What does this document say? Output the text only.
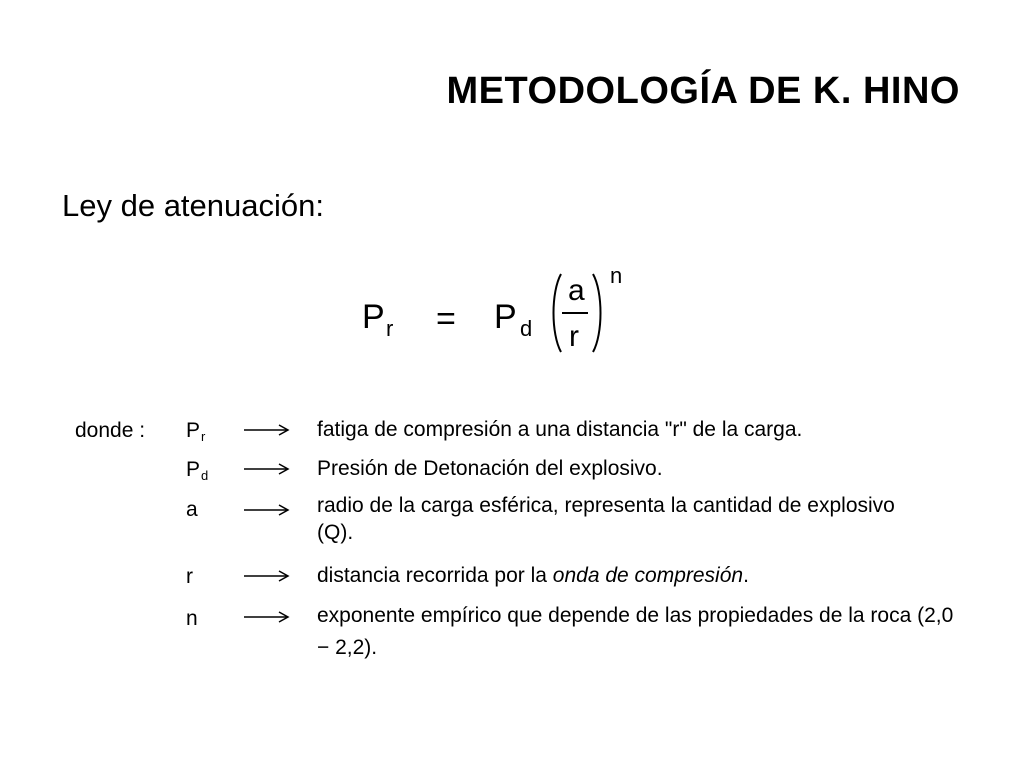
METODOLOGÍA DE K. HINO
Ley de atenuación:
P r = P d
a
r
n
donde : Pr	fatiga de compresión a una distancia "r" de la carga.
Pd	Presión de Detonación del explosivo.
a	radio de la carga esférica, representa la cantidad de explosivo (Q).
r	distancia recorrida por la onda de compresión.
n	exponente empírico que depende de las propiedades de la roca (2,0 − 2,2).
